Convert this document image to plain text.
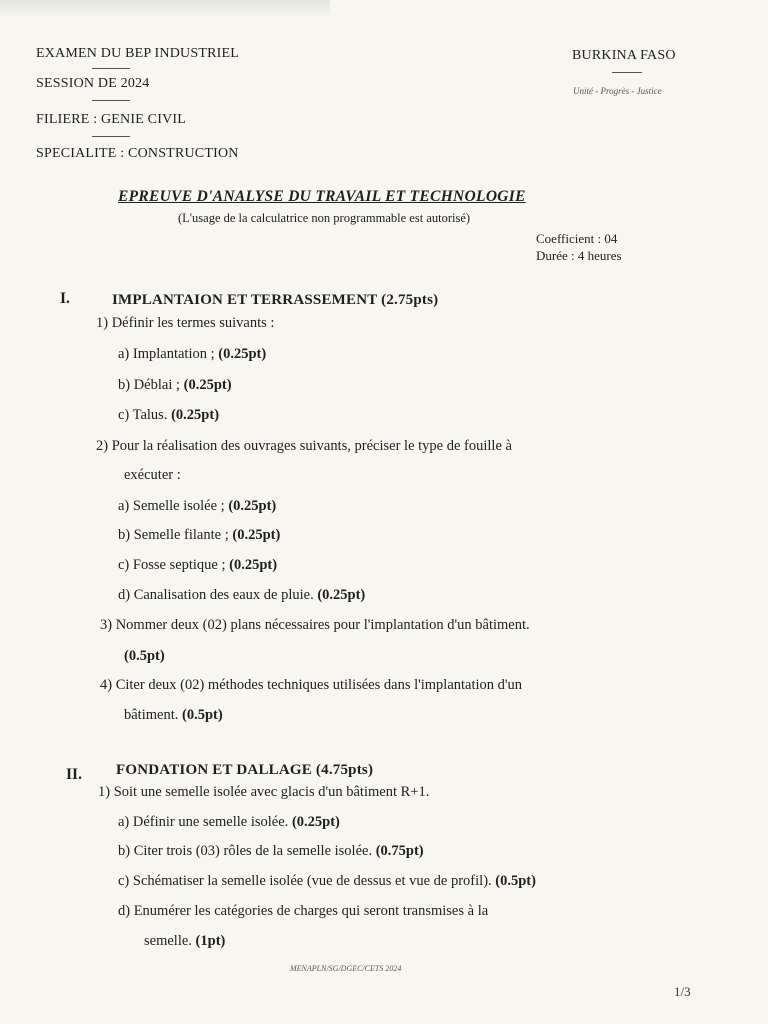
EXAMEN DU BEP INDUSTRIEL
SESSION DE 2024
FILIERE : GENIE CIVIL
SPECIALITE : CONSTRUCTION
BURKINA FASO
Unité - Progrès - Justice
EPREUVE D'ANALYSE DU TRAVAIL ET TECHNOLOGIE
(L'usage de la calculatrice non programmable est autorisé)
Coefficient : 04
Durée : 4 heures
I.	IMPLANTAION ET TERRASSEMENT (2.75pts)
1) Définir les termes suivants :
a) Implantation ; (0.25pt)
b) Déblai ; (0.25pt)
c) Talus. (0.25pt)
2) Pour la réalisation des ouvrages suivants, préciser le type de fouille à
exécuter :
a) Semelle isolée ; (0.25pt)
b) Semelle filante ; (0.25pt)
c) Fosse septique ; (0.25pt)
d) Canalisation des eaux de pluie. (0.25pt)
3) Nommer deux (02) plans nécessaires pour l'implantation d'un bâtiment.
(0.5pt)
4) Citer deux (02) méthodes techniques utilisées dans l'implantation d'un
bâtiment. (0.5pt)
II. FONDATION ET DALLAGE (4.75pts)
1) Soit une semelle isolée avec glacis d'un bâtiment R+1.
a) Définir une semelle isolée. (0.25pt)
b) Citer trois (03) rôles de la semelle isolée. (0.75pt)
c) Schématiser la semelle isolée (vue de dessus et vue de profil). (0.5pt)
d) Enumérer les catégories de charges qui seront transmises à la
semelle. (1pt)
MENAPLN/SG/DGEC/CETS 2024
1/3
